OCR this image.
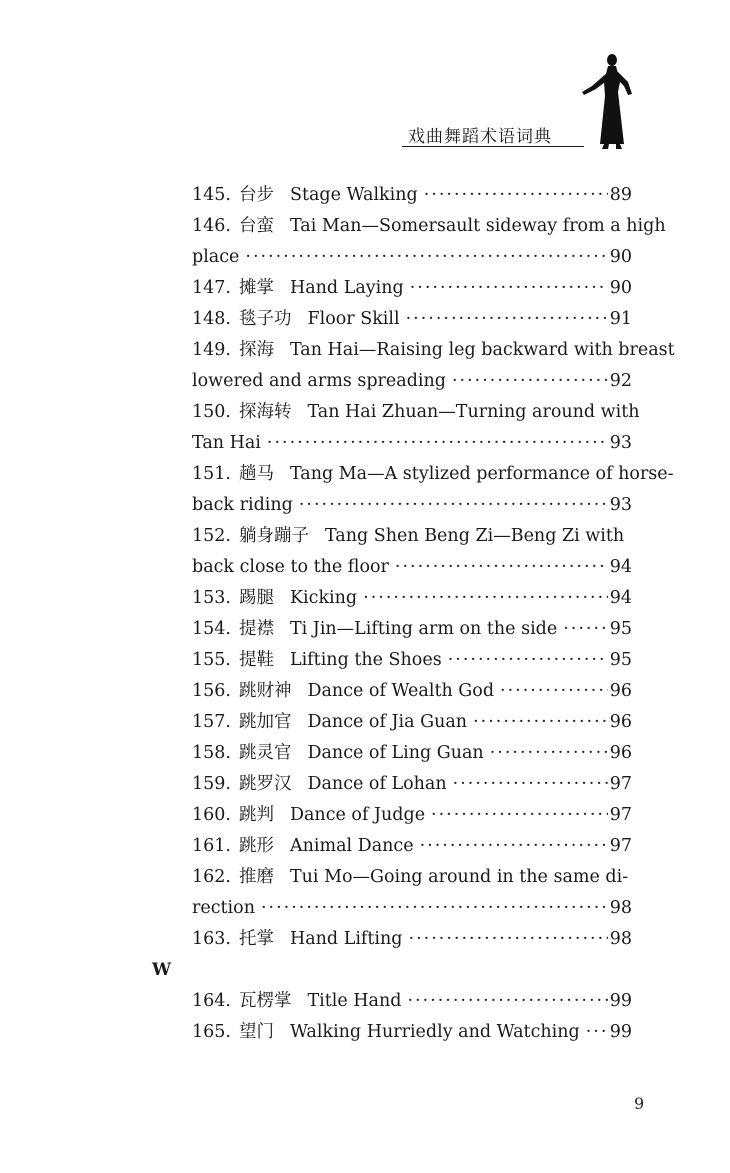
戏曲舞蹈术语词典
145. 台步 Stage Walking ·····	89
146. 台蛮 Tai Man—Somersault sideway from a high
place ·····	90
147. 摊掌 Hand Laying ·····	90
148. 毯子功 Floor Skill ·····	91
149. 探海 Tan Hai—Raising leg backward with breast
lowered and arms spreading ·····	92
150. 探海转 Tan Hai Zhuan—Turning around with
Tan Hai ·····	93
151. 趟马 Tang Ma—A stylized performance of horse-
back riding ·····	93
152. 躺身蹦子 Tang Shen Beng Zi—Beng Zi with
back close to the floor ·····	94
153. 踢腿 Kicking ·····	94
154. 提襟 Ti Jin—Lifting arm on the side ·····	95
155. 提鞋 Lifting the Shoes ·····	95
156. 跳财神 Dance of Wealth God ·····	96
157. 跳加官 Dance of Jia Guan ·····	96
158. 跳灵官 Dance of Ling Guan ·····	96
159. 跳罗汉 Dance of Lohan ·····	97
160. 跳判 Dance of Judge ·····	97
161. 跳形 Animal Dance ·····	97
162. 推磨 Tui Mo—Going around in the same di-
rection ·····	98
163. 托掌 Hand Lifting ·····	98
W
164. 瓦楞掌 Title Hand ·····	99
165. 望门 Walking Hurriedly and Watching ····· 99
9
